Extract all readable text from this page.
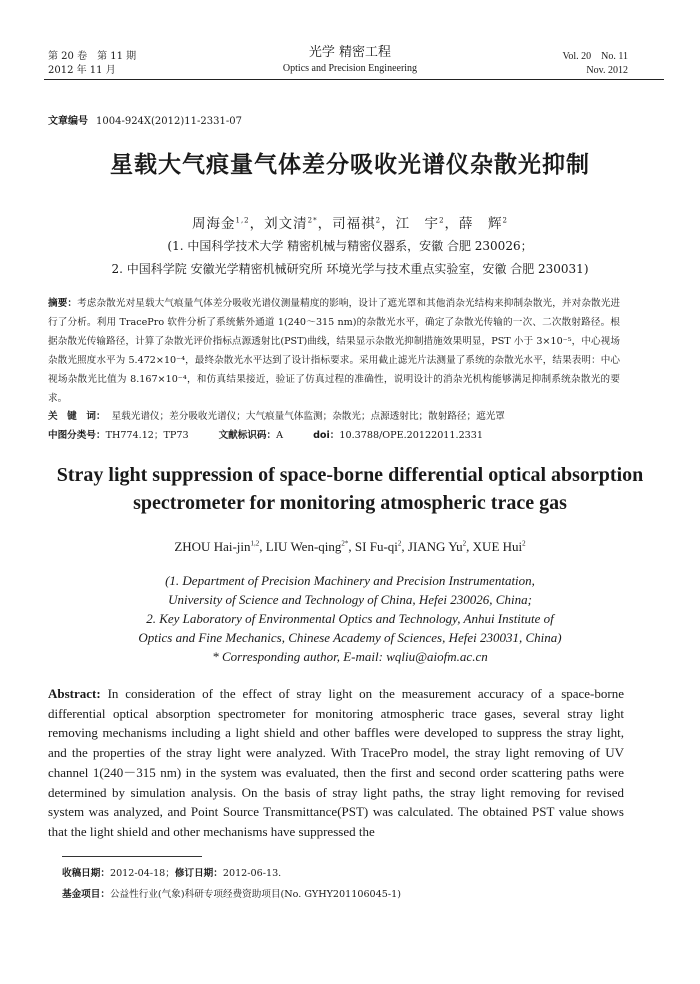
第 20 卷　第 11 期
2012 年 11 月
光学 精密工程
Optics and Precision Engineering
Vol. 20　No. 11
Nov. 2012
文章编号 1004-924X(2012)11-2331-07
星载大气痕量气体差分吸收光谱仪杂散光抑制
周海金$^{1,2}$，刘文清$^{2*}$，司福祺$^2$，江　宇$^2$，薛　辉$^2$
(1. 中国科学技术大学 精密机械与精密仪器系，安徽 合肥 230026；
2. 中国科学院 安徽光学精密机械研究所 环境光学与技术重点实验室，安徽 合肥 230031)
摘要：考虑杂散光对星载大气痕量气体差分吸收光谱仪测量精度的影响，设计了遮光罩和其他消杂光结构来抑制杂散光，并对杂散光进行了分析。利用 TracePro 软件分析了系统紫外通道 1(240～315 nm)的杂散光水平，确定了杂散光传输的一次、二次散射路径。根据杂散光传输路径，计算了杂散光评价指标点源透射比(PST)曲线，结果显示杂散光抑制措施效果明显，PST 小于 3×10⁻⁵，中心视场杂散光照度水平为 5.472×10⁻⁴，最终杂散光水平达到了设计指标要求。采用截止滤光片法测量了系统的杂散光水平，结果表明：中心视场杂散光比值为 8.167×10⁻⁴，和仿真结果接近，验证了仿真过程的准确性，说明设计的消杂光机构能够满足抑制系统杂散光的要求。
关　键　词： 星载光谱仪；差分吸收光谱仪；大气痕量气体监测；杂散光；点源透射比；散射路径；遮光罩
中图分类号：TH774.12；TP73	文献标识码：A	doi：10.3788/OPE.20122011.2331
Stray light suppression of space-borne differential optical absorption
spectrometer for monitoring atmospheric trace gas
ZHOU Hai-jin$^{1,2}$, LIU Wen-qing$^{2*}$, SI $Fu-qi^2$, JIANG Yu$^2$, XUE Hui$^2$
(1. Department of Precision Machinery and Precision Instrumentation,
University of Science and Technology of China, Hefei 230026, China;
2. Key Laboratory of Environmental Optics and Technology, Anhui Institute of
Optics and Fine Mechanics, Chinese Academy of Sciences, Hefei 230031, China)
* Corresponding author, E-mail: wqliu@aiofm.ac.cn
Abstract: In consideration of the effect of stray light on the measurement accuracy of a space-borne differential optical absorption spectrometer for monitoring atmospheric trace gases, several stray light removing mechanisms including a light shield and other baffles were developed to suppress the stray light, and the properties of the stray light were analyzed. With TracePro model, the stray light removing of UV channel 1(240－315 nm) in the system was evaluated, then the first and second order scattering paths were determined by simulation analysis. On the basis of stray light paths, the stray light removing for revised system was analyzed, and Point Source Transmittance(PST) was calculated. The obtained PST value shows that the light shield and other mechanisms have suppressed the
收稿日期：2012-04-18；修订日期：2012-06-13.
基金项目：公益性行业(气象)科研专项经费资助项目(No. GYHY201106045-1)
